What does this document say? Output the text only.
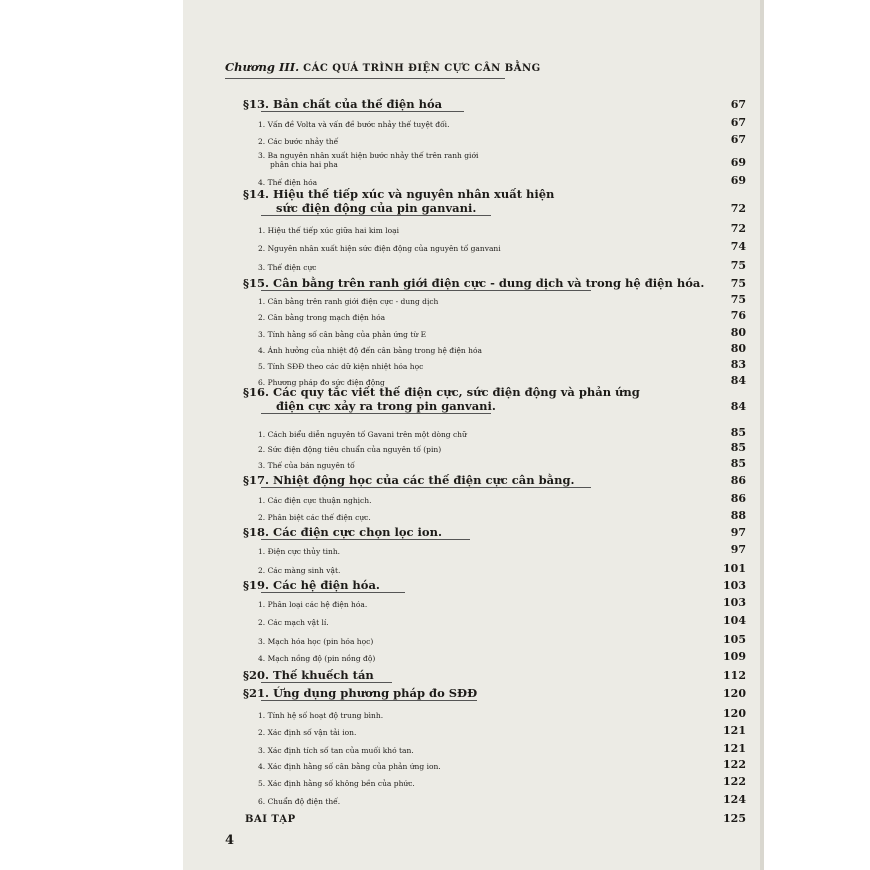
Chương III. CÁC QUÁ TRÌNH ĐIỆN CỰC CÂN BẰNG
§13. Bản chất của thế điện hóa	67
1. Vấn đề Volta và vấn đề bước nhảy thế tuyệt đối.	67
2. Các bước nhảy thế	67
3. Ba nguyên nhân xuất hiện bước nhảy thế trên ranh giới
phân chia hai pha	69
4. Thế điện hóa	69
§14. Hiệu thế tiếp xúc và nguyên nhân xuất hiện
sức điện động của pin ganvani.	72
1. Hiệu thế tiếp xúc giữa hai kim loại	72
2. Nguyên nhân xuất hiện sức điện động của nguyên tố ganvani	74
3. Thế điện cực	75
§15. Cân bằng trên ranh giới điện cực - dung dịch và trong hệ điện hóa.	75
1. Cân bằng trên ranh giới điện cực - dung dịch	75
2. Cân bằng trong mạch điện hóa	76
3. Tính hằng số cân bằng của phản ứng từ E	80
4. Ảnh hưởng của nhiệt độ đến cân bằng trong hệ điện hóa	80
5. Tính SĐĐ theo các dữ kiện nhiệt hóa học	83
6. Phương pháp đo sức điện động	84
§16. Các quy tắc viết thế điện cực, sức điện động và phản ứng
điện cực xảy ra trong pin ganvani.	84
1. Cách biểu diễn nguyên tố Gavani trên một dòng chữ	85
2. Sức điện động tiêu chuẩn của nguyên tố (pin)	85
3. Thế của bán nguyên tố	85
§17. Nhiệt động học của các thế điện cực cân bằng.	86
1. Các điện cực thuận nghịch.	86
2. Phân biệt các thế điện cực.	88
§18. Các điện cực chọn lọc ion.	97
1. Điện cực thủy tinh.	97
2. Các màng sinh vật.	101
§19. Các hệ điện hóa.	103
1. Phân loại các hệ điện hóa.	103
2. Các mạch vật lí.	104
3. Mạch hóa học (pin hóa học)	105
4. Mạch nồng độ (pin nồng độ)	109
§20. Thế khuếch tán	112
§21. Ứng dụng phương pháp đo SĐĐ	120
1. Tính hệ số hoạt độ trung bình.	120
2. Xác định số vận tải ion.	121
3. Xác định tích số tan của muối khó tan.	121
4. Xác định hằng số cân bằng của phản ứng ion.	122
5. Xác định hằng số không bền của phức.	122
6. Chuẩn độ điện thế.	124
BÀI TẬP	125
4
